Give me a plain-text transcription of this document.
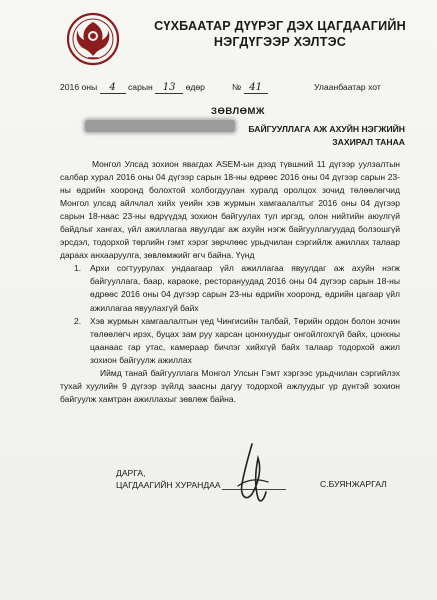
СҮХБААТАР ДҮҮРЭГ ДЭХ ЦАГДААГИЙН
НЭГДҮГЭЭР ХЭЛТЭС
2016 оны 4 сарын 13 өдөр	№ 41	Улаанбаатар хот
ЗӨВЛӨМЖ
БАЙГУУЛЛАГА АЖ АХУЙН НЭГЖИЙН
ЗАХИРАЛ ТАНАА

Монгол Улсад зохион явагдах ASEM-ын дээд түвшний 11 дүгээр уулзалтын салбар хурал 2016 оны 04 дүгээр сарын 18-ны өдрөөс 2016 оны 04 дүгээр сарын 23-ны өдрийн хооронд болохтой холбогдуулан хуралд оролцох зочид төлөөлөгчид Монгол улсад айлчлал хийх үеийн хэв журмын хамгаалалтыг 2016 оны 04 дүгээр сарын 18-наас 23-ны өдрүүдэд зохион байгуулах тул иргэд, олон нийтийн аюулгүй байдлыг хангах, үйл ажиллагаа явуулдаг аж ахуйн нэгж байгууллагуудад болзошгүй эрсдэл, тодорхой төрлийн гэмт хэрэг зөрчлөөс урьдчилан сэргийлж ажиллах талаар дараах анхааруулга, зөвлөмжийг өгч байна. Үүнд

1. Архи согтуурулах ундаагаар үйл ажиллагаа явуулдаг аж ахуйн нэгж байгууллага, баар, караоке, ресторануудад 2016 оны 04 дүгээр сарын 18-ны өдрөөс 2016 оны 04 дүгээр сарын 23-ны өдрийн хооронд, өдрийн цагаар үйл ажиллагаа явуулахгүй байх
2. Хэв журмын хамгаалалтын үед Чингисийн талбай, Төрийн ордон болон зочин төлөөлөгч ирэх, буцах зам руу харсан цонхнуудыг онгойлгохгүй байх, цонхны цаанаас гар утас, камераар бичлэг хийхгүй байх талаар тодорхой ажил зохион байгуулж ажиллах

Иймд танай байгууллага Монгол Улсын Гэмт хэргээс урьдчилан сэргийлэх тухай хуулийн 9 дүгээр зүйлд заасны дагуу тодорхой ажлуудыг үр дүнтэй зохион байгуулж хамтран ажиллахыг зөвлөж байна.

ДАРГА,
ЦАГДААГИЙН ХУРАНДАА	С.БУЯНЖАРГАЛ
